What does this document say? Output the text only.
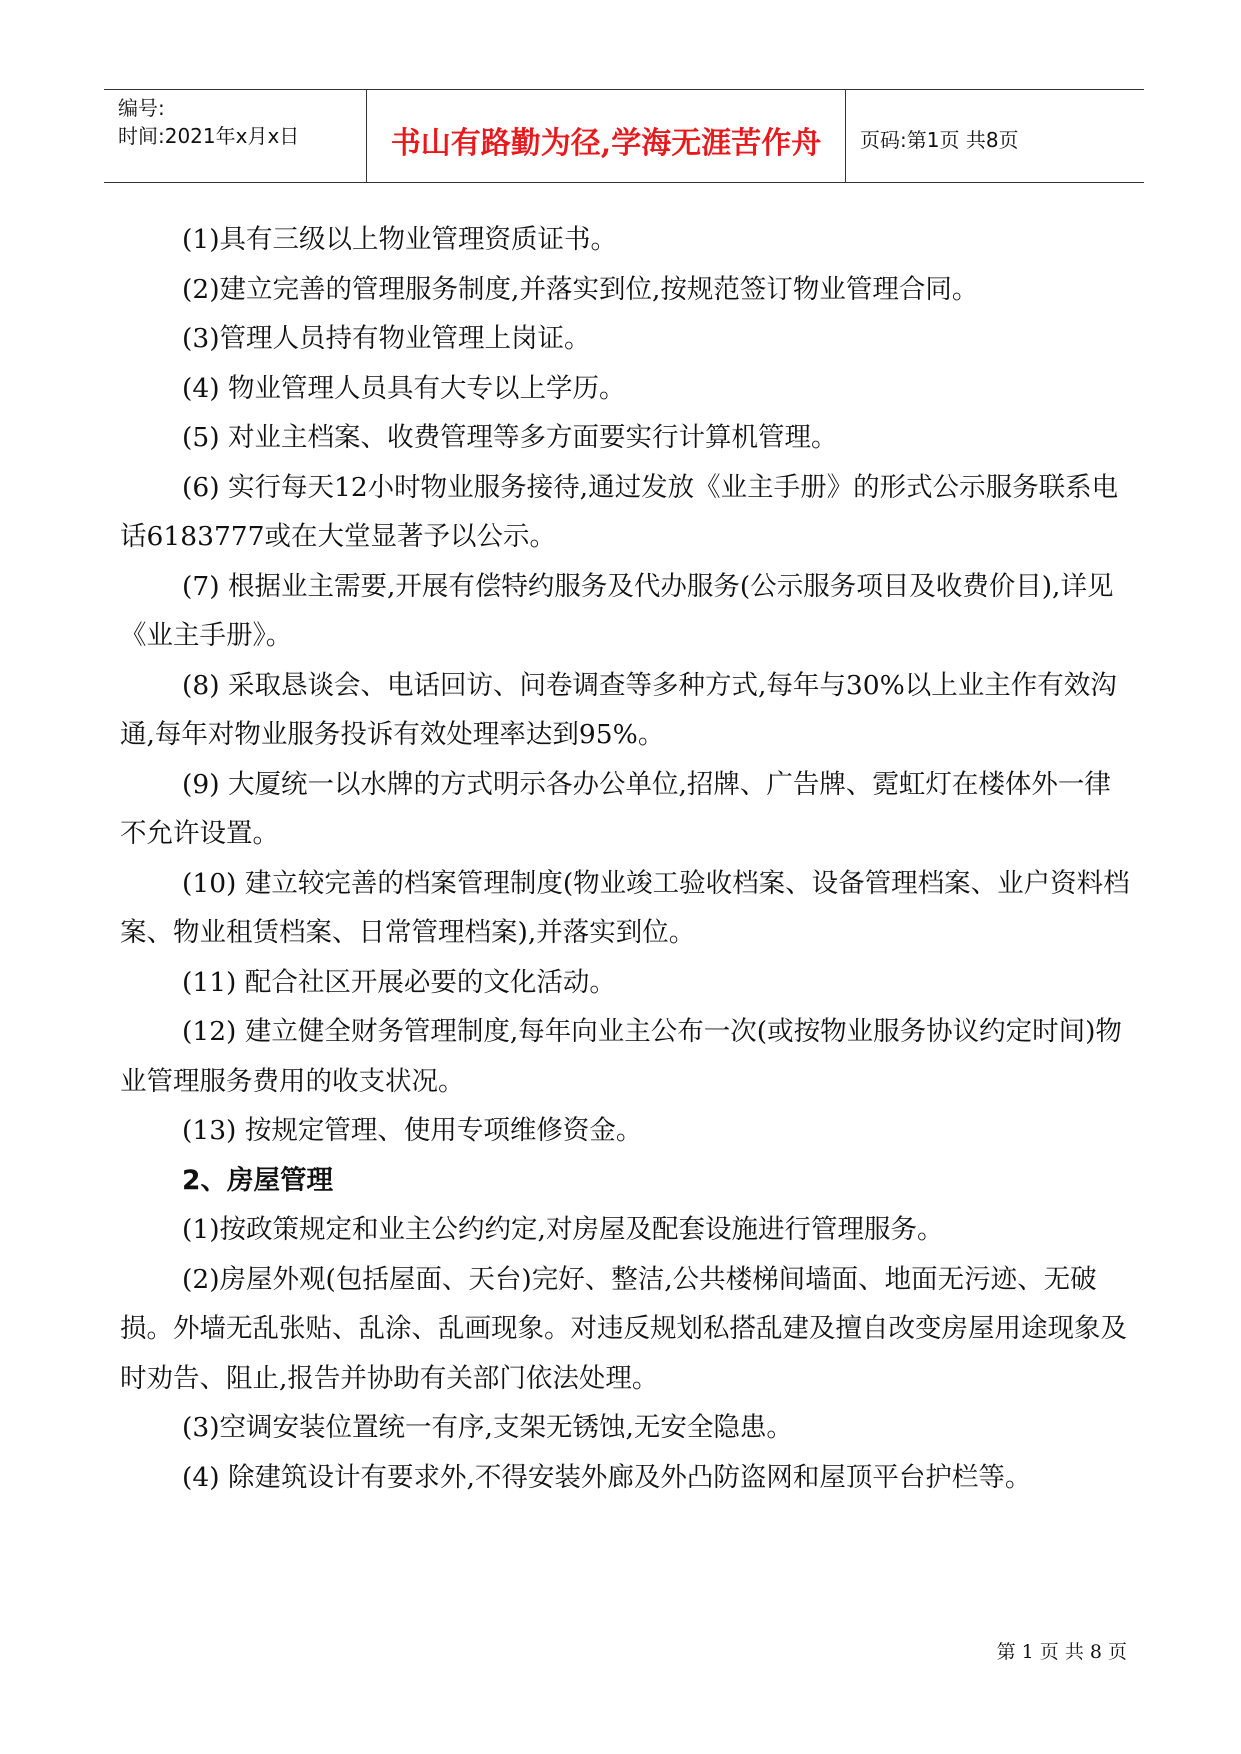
编号:
时间:2021年x月x日	书山有路勤为径,学海无涯苦作舟	页码:第1页 共8页

(1)具有三级以上物业管理资质证书。

(2)建立完善的管理服务制度,并落实到位,按规范签订物业管理合同。

(3)管理人员持有物业管理上岗证。

(4) 物业管理人员具有大专以上学历。

(5) 对业主档案、收费管理等多方面要实行计算机管理。

(6) 实行每天12小时物业服务接待,通过发放《业主手册》的形式公示服务联系电话6183777或在大堂显著予以公示。

(7) 根据业主需要,开展有偿特约服务及代办服务(公示服务项目及收费价目),详见《业主手册》。

(8) 采取恳谈会、电话回访、问卷调查等多种方式,每年与30%以上业主作有效沟通,每年对物业服务投诉有效处理率达到95%。

(9) 大厦统一以水牌的方式明示各办公单位,招牌、广告牌、霓虹灯在楼体外一律不允许设置。

(10) 建立较完善的档案管理制度(物业竣工验收档案、设备管理档案、业户资料档案、物业租赁档案、日常管理档案),并落实到位。

(11) 配合社区开展必要的文化活动。

(12) 建立健全财务管理制度,每年向业主公布一次(或按物业服务协议约定时间)物业管理服务费用的收支状况。

(13) 按规定管理、使用专项维修资金。

2、房屋管理

(1)按政策规定和业主公约约定,对房屋及配套设施进行管理服务。

(2)房屋外观(包括屋面、天台)完好、整洁,公共楼梯间墙面、地面无污迹、无破损。外墙无乱张贴、乱涂、乱画现象。对违反规划私搭乱建及擅自改变房屋用途现象及时劝告、阻止,报告并协助有关部门依法处理。

(3)空调安装位置统一有序,支架无锈蚀,无安全隐患。

(4) 除建筑设计有要求外,不得安装外廊及外凸防盗网和屋顶平台护栏等。

第 1 页 共 8 页
